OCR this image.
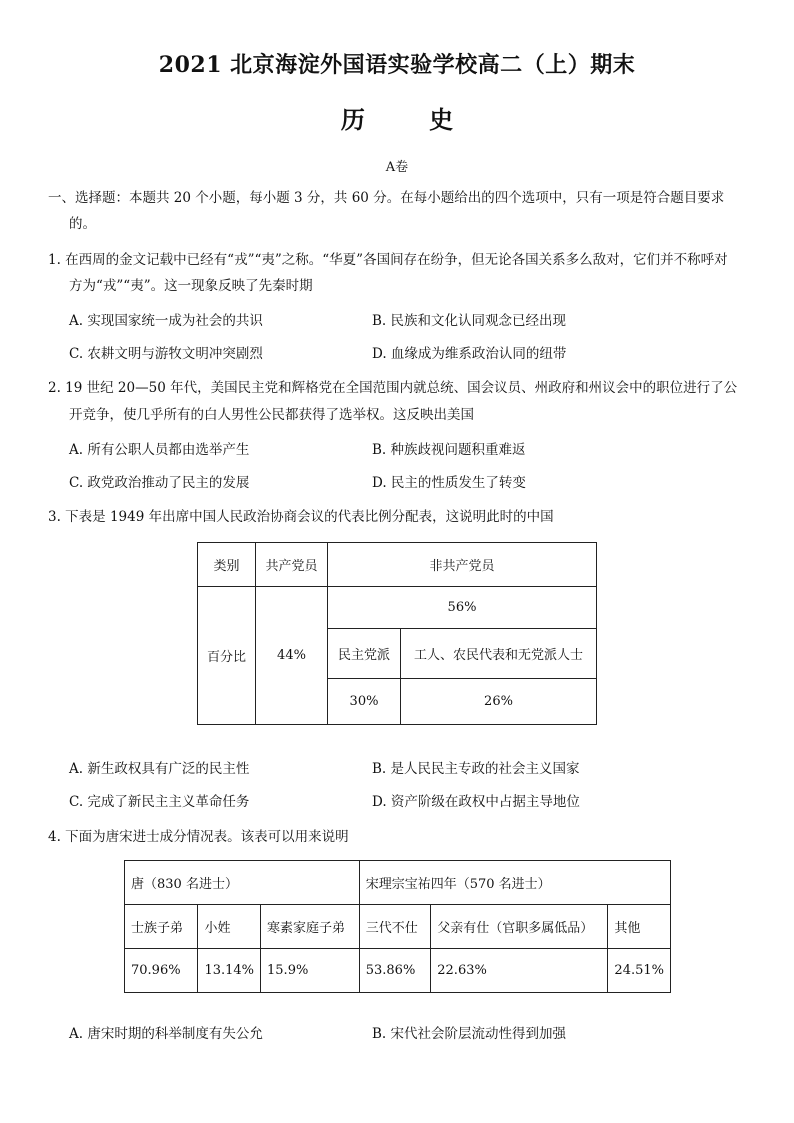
2021 北京海淀外国语实验学校高二（上）期末
历 史
A卷
一、选择题：本题共 20 个小题，每小题 3 分，共 60 分。在每小题给出的四个选项中，只有一项是符合题目要求
的。
1. 在西周的金文记载中已经有“戎”“夷”之称。“华夏”各国间存在纷争，但无论各国关系多么敌对，它们并不称呼对
方为“戎”“夷”。这一现象反映了先秦时期
A. 实现国家统一成为社会的共识	B. 民族和文化认同观念已经出现
C. 农耕文明与游牧文明冲突剧烈	D. 血缘成为维系政治认同的纽带
2. 19 世纪 20—50 年代，美国民主党和辉格党在全国范围内就总统、国会议员、州政府和州议会中的职位进行了公
开竞争，使几乎所有的白人男性公民都获得了选举权。这反映出美国
A. 所有公职人员都由选举产生	B. 种族歧视问题积重难返
C. 政党政治推动了民主的发展	D. 民主的性质发生了转变
3. 下表是 1949 年出席中国人民政治协商会议的代表比例分配表，这说明此时的中国
类别	共产党员	非共产党员	
百分比	44%	56%	
		民主党派	工人、农民代表和无党派人士
		30%	26%
A. 新生政权具有广泛的民主性	B. 是人民民主专政的社会主义国家
C. 完成了新民主主义革命任务	D. 资产阶级在政权中占据主导地位
4. 下面为唐宋进士成分情况表。该表可以用来说明
唐（830 名进士）			宋理宗宝祐四年（570 名进士）		
士族子弟	小姓	寒素家庭子弟	三代不仕	父亲有仕（官职多属低品）	其他
70.96%	13.14%	15.9%	53.86%	22.63%	24.51%
A. 唐宋时期的科举制度有失公允	B. 宋代社会阶层流动性得到加强
